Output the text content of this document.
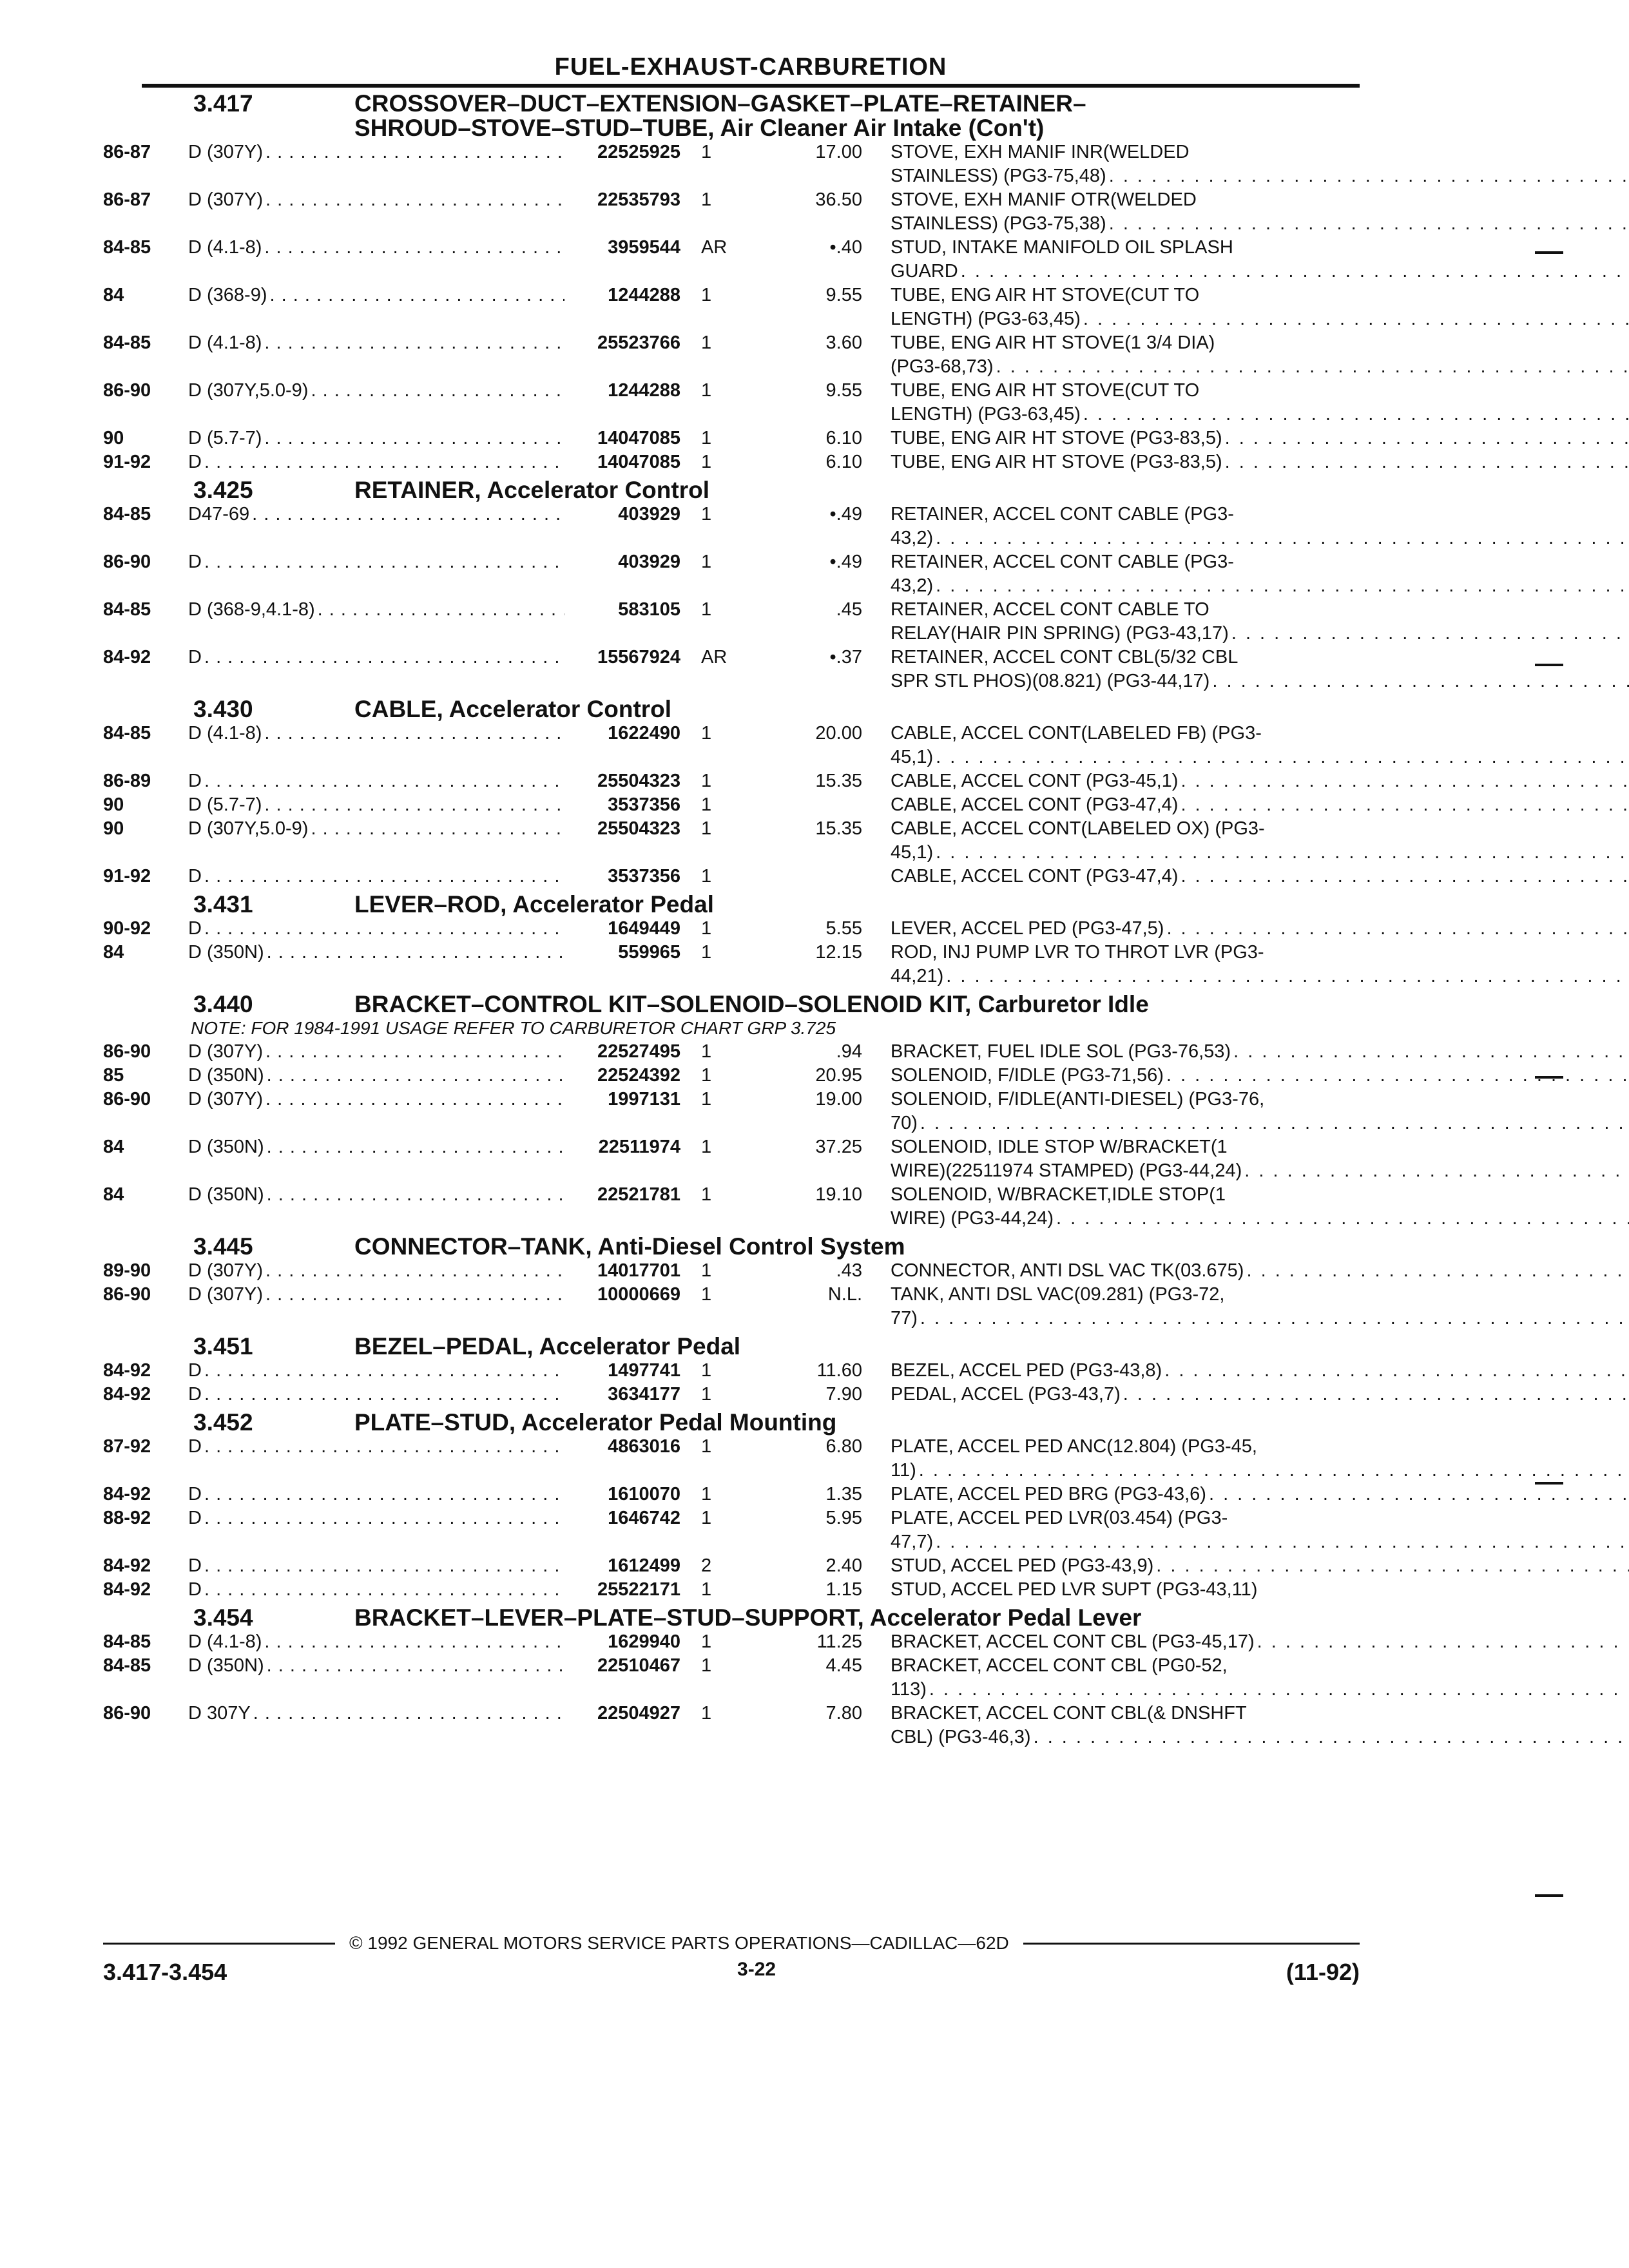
FUEL-EXHAUST-CARBURETION
3.417	CROSSOVER–DUCT–EXTENSION–GASKET–PLATE–RETAINER–
SHROUD–STOVE–STUD–TUBE, Air Cleaner Air Intake (Con't)
86-87	D (307Y) . . .	22525925	1	17.00 STOVE, EXH MANIF INR(WELDED
STAINLESS) (PG3-75,48)
. . .
86-87	D (307Y) . . .	22535793	1	36.50 STOVE, EXH MANIF OTR(WELDED
STAINLESS) (PG3-75,38)
. . .
84-85	D (4.1-8) . . .	3959544	AR	•.40 STUD, INTAKE MANIFOLD OIL SPLASH
GUARD
. . .
84	D (368-9) . . .	1244288	1	9.55 TUBE, ENG AIR HT STOVE(CUT TO
LENGTH) (PG3-63,45)
. . .
84-85	D (4.1-8) . . .	25523766	1	3.60 TUBE, ENG AIR HT STOVE(1 3/4 DIA)
(PG3-68,73)
. . .
86-90	D (307Y,5.0-9) . . .	1244288	1	9.55 TUBE, ENG AIR HT STOVE(CUT TO
LENGTH) (PG3-63,45)
. . .
90	D (5.7-7) . . .	14047085	1	6.10 TUBE, ENG AIR HT STOVE (PG3-83,5)
. . .
91-92	D . . .	14047085	1	6.10 TUBE, ENG AIR HT STOVE (PG3-83,5)
. . .
3.425	RETAINER, Accelerator Control
84-85	D47-69 . . .	403929	1	•.49 RETAINER, ACCEL CONT CABLE (PG3-
43,2)
. . .
86-90	D . . .	403929	1	•.49 RETAINER, ACCEL CONT CABLE (PG3-
43,2)
. . .
84-85	D (368-9,4.1-8) . . .	583105	1	.45 RETAINER, ACCEL CONT CABLE TO
RELAY(HAIR PIN SPRING) (PG3-43,17)
. . .
84-92	D . . .	15567924	AR	•.37 RETAINER, ACCEL CONT CBL(5/32 CBL
SPR STL PHOS)(08.821) (PG3-44,17)
. . .
3.430	CABLE, Accelerator Control
84-85	D (4.1-8) . . .	1622490	1	20.00 CABLE, ACCEL CONT(LABELED FB) (PG3-
45,1)
. . .
86-89	D . . .	25504323	1	15.35 CABLE, ACCEL CONT (PG3-45,1)
. . .
90	D (5.7-7) . . .	3537356	1	CABLE, ACCEL CONT (PG3-47,4)
. . .
90	D (307Y,5.0-9) . . .	25504323	1	15.35 CABLE, ACCEL CONT(LABELED OX) (PG3-
45,1)
. . .
91-92	D . . .	3537356	1	CABLE, ACCEL CONT (PG3-47,4)
. . .
3.431	LEVER–ROD, Accelerator Pedal
90-92	D . . .	1649449	1	5.55 LEVER, ACCEL PED (PG3-47,5)
. . .
84	D (350N) . . .	559965	1	12.15 ROD, INJ PUMP LVR TO THROT LVR (PG3-
44,21)
. . .
3.440	BRACKET–CONTROL KIT–SOLENOID–SOLENOID KIT, Carburetor Idle
NOTE: FOR 1984-1991 USAGE REFER TO CARBURETOR CHART GRP 3.725
86-90	D (307Y) . . .	22527495	1	.94 BRACKET, FUEL IDLE SOL (PG3-76,53)
. . .
85	D (350N) . . .	22524392	1	20.95 SOLENOID, F/IDLE (PG3-71,56)
. . .
86-90	D (307Y) . . .	1997131	1	19.00 SOLENOID, F/IDLE(ANTI-DIESEL) (PG3-76,
70)
. . .
84	D (350N) . . .	22511974	1	37.25 SOLENOID, IDLE STOP W/BRACKET(1
WIRE)(22511974 STAMPED) (PG3-44,24)
. . .
84	D (350N) . . .	22521781	1	19.10 SOLENOID, W/BRACKET,IDLE STOP(1
WIRE) (PG3-44,24)
. . .
3.445	CONNECTOR–TANK, Anti-Diesel Control System
89-90	D (307Y) . . .	14017701	1	.43 CONNECTOR, ANTI DSL VAC TK(03.675)
. . .
86-90	D (307Y) . . .	10000669	1	N.L. TANK, ANTI DSL VAC(09.281) (PG3-72,
77)
. . .
3.451	BEZEL–PEDAL, Accelerator Pedal
84-92	D . . .	1497741	1	11.60 BEZEL, ACCEL PED (PG3-43,8)
. . .
84-92	D . . .	3634177	1	7.90 PEDAL, ACCEL (PG3-43,7)
. . .
3.452	PLATE–STUD, Accelerator Pedal Mounting
87-92	D . . .	4863016	1	6.80 PLATE, ACCEL PED ANC(12.804) (PG3-45,
11)
. . .
84-92	D . . .	1610070	1	1.35 PLATE, ACCEL PED BRG (PG3-43,6)
. . .
88-92	D . . .	1646742	1	5.95 PLATE, ACCEL PED LVR(03.454) (PG3-
47,7)
. . .
84-92	D . . .	1612499	2	2.40 STUD, ACCEL PED (PG3-43,9)
. . .
84-92	D . . .	25522171	1	1.15 STUD, ACCEL PED LVR SUPT (PG3-43,11)
3.454	BRACKET–LEVER–PLATE–STUD–SUPPORT, Accelerator Pedal Lever
84-85	D (4.1-8) . . .	1629940	1	11.25 BRACKET, ACCEL CONT CBL (PG3-45,17)
. . .
84-85	D (350N) . . .	22510467	1	4.45 BRACKET, ACCEL CONT CBL (PG0-52,
113)
. . .
86-90	D 307Y . . .	22504927	1	7.80 BRACKET, ACCEL CONT CBL(& DNSHFT
CBL) (PG3-46,3)
. . .
© 1992 GENERAL MOTORS SERVICE PARTS OPERATIONS—CADILLAC—62D
3.417-3.454	3-22	(11-92)
